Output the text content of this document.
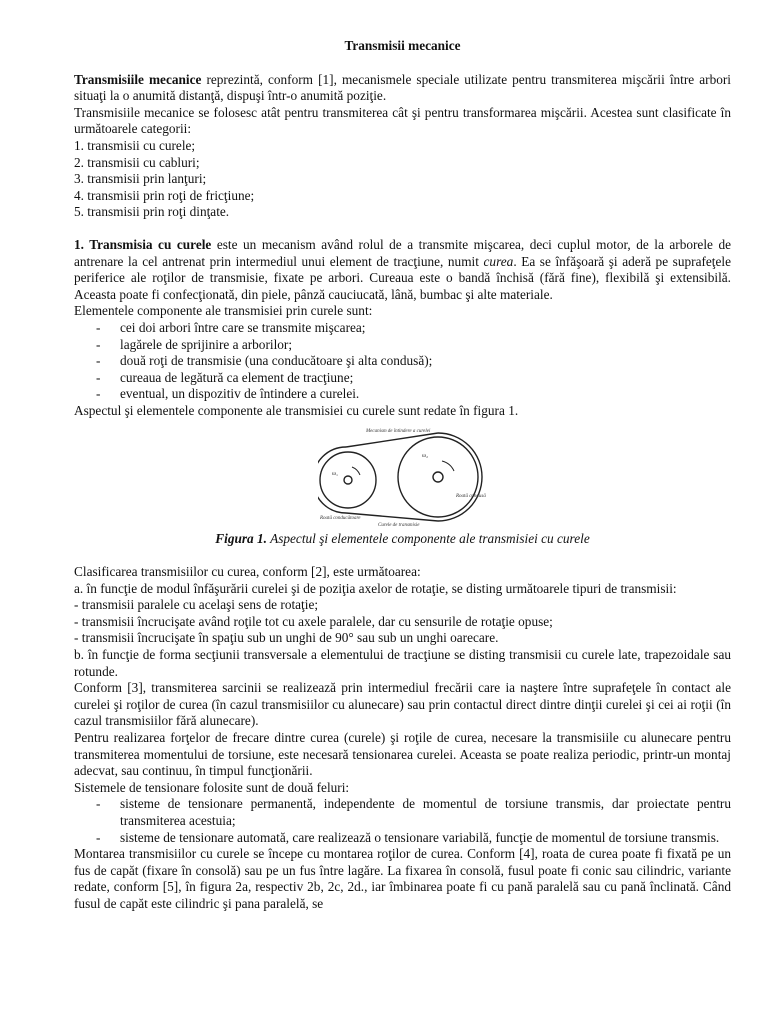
Transmisii mecanice

Transmisiile mecanice reprezintă, conform [1], mecanismele speciale utilizate pentru transmiterea mişcării între arbori situaţi la o anumită distanţă, dispuşi într-o anumită poziţie.

Transmisiile mecanice se folosesc atât pentru transmiterea cât şi pentru transformarea mişcării. Acestea sunt clasificate în următoarele categorii:

1. transmisii cu curele;
2. transmisii cu cabluri;
3. transmisii prin lanţuri;
4. transmisii prin roţi de fricţiune;
5. transmisii prin roţi dinţate.

1. Transmisia cu curele este un mecanism având rolul de a transmite mişcarea, deci cuplul motor, de la arborele de antrenare la cel antrenat prin intermediul unui element de tracţiune, numit curea. Ea se înfăşoară şi aderă pe suprafeţele periferice ale roţilor de transmisie, fixate pe arbori. Cureaua este o bandă închisă (fără fine), flexibilă şi extensibilă. Aceasta poate fi confecţionată, din piele, pânză cauciucată, lână, bumbac şi alte materiale.

Elementele componente ale transmisiei prin curele sunt:

- cei doi arbori între care se transmite mişcarea;
- lagărele de sprijinire a arborilor;
- două roţi de transmisie (una conducătoare şi alta condusă);
- cureaua de legătură ca element de tracţiune;
- eventual, un dispozitiv de întindere a curelei.

Aspectul şi elementele componente ale transmisiei cu curele sunt redate în figura 1.

Mecanism de întindere a curelei
ω₁
ω₂
Roată conducătoare
Curele de transmisie
Roată condusă
Figura 1. Aspectul şi elementele componente ale transmisiei cu curele

Clasificarea transmisiilor cu curea, conform [2], este următoarea:

a. în funcţie de modul înfăşurării curelei şi de poziţia axelor de rotaţie, se disting următoarele tipuri de transmisii:

- transmisii paralele cu acelaşi sens de rotaţie;

- transmisii încrucişate având roţile tot cu axele paralele, dar cu sensurile de rotaţie opuse;

- transmisii încrucişate în spaţiu sub un unghi de 90° sau sub un unghi oarecare.

b. în funcţie de forma secţiunii transversale a elementului de tracţiune se disting transmisii cu curele late, trapezoidale sau rotunde.

Conform [3], transmiterea sarcinii se realizează prin intermediul frecării care ia naştere între suprafeţele în contact ale curelei şi roţilor de curea (în cazul transmisiilor cu alunecare) sau prin contactul direct dintre dinţii curelei şi cei ai roţii (în cazul transmisiilor fără alunecare).

Pentru realizarea forţelor de frecare dintre curea (curele) şi roţile de curea, necesare la transmisiile cu alunecare pentru transmiterea momentului de torsiune, este necesară tensionarea curelei. Aceasta se poate realiza periodic, printr-un montaj adecvat, sau continuu, în timpul funcţionării.

Sistemele de tensionare folosite sunt de două feluri:

- sisteme de tensionare permanentă, independente de momentul de torsiune transmis, dar proiectate pentru transmiterea acestuia;
- sisteme de tensionare automată, care realizează o tensionare variabilă, funcţie de momentul de torsiune transmis.

Montarea transmisiilor cu curele se începe cu montarea roţilor de curea. Conform [4], roata de curea poate fi fixată pe un fus de capăt (fixare în consolă) sau pe un fus între lagăre. La fixarea în consolă, fusul poate fi conic sau cilindric, variante redate, conform [5], în figura 2a, respectiv 2b, 2c, 2d., iar îmbinarea poate fi cu pană paralelă sau cu pană înclinată. Când fusul de capăt este cilindric şi pana paralelă, se
